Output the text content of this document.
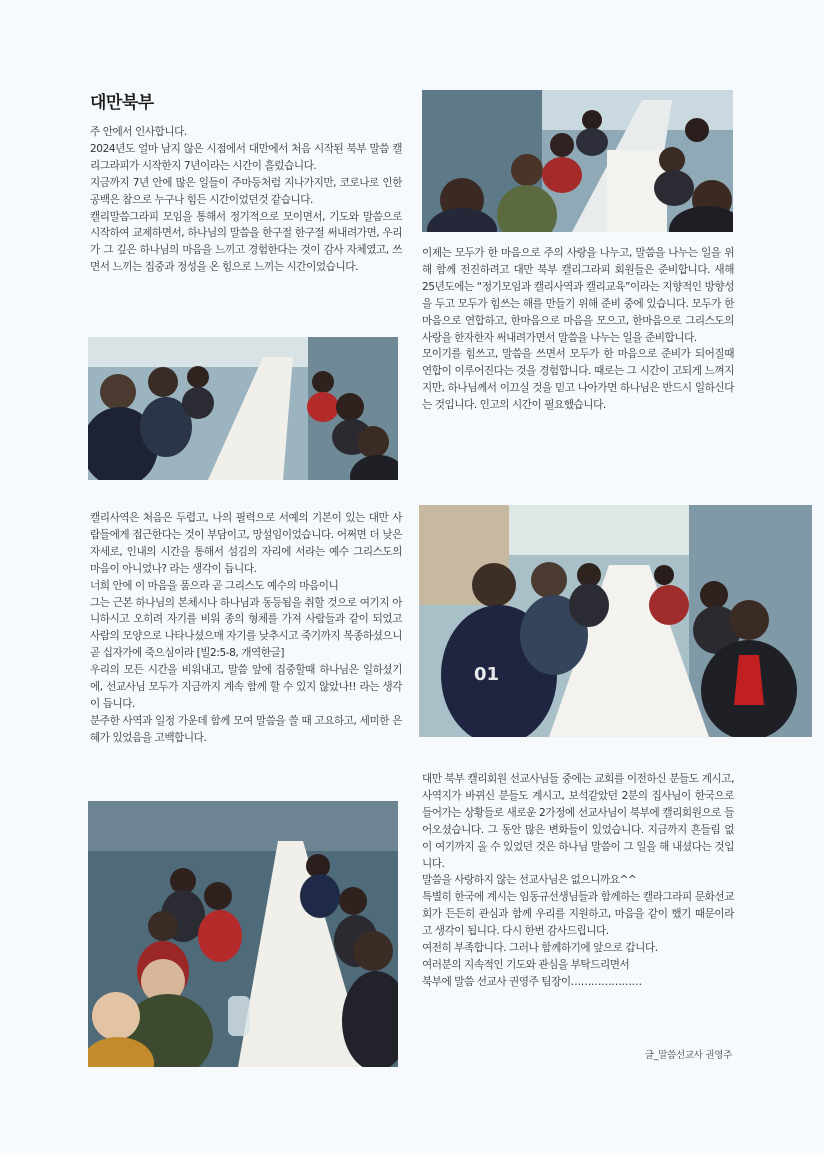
대만북부
주 안에서 인사합니다.
2024년도 얼마 남지 않은 시점에서 대만에서 처음 시작된 북부 말씀 캘리그라피가 시작한지 7년이라는 시간이 흘렀습니다.
지금까지 7년 안에 많은 일들이 주마등처럼 지나가지만, 코로나로 인한 공백은 참으로 누구나 힘든 시간이었던것 같습니다.
캘리말씀그라피 모임을 통해서 정기적으로 모이면서, 기도와 말씀으로 시작하여 교제하면서, 하나님의 말씀을 한구절 한구절 써내려가면, 우리가 그 깊은 하나님의 마음을 느끼고 경험한다는 것이 감사 자체였고, 쓰면서 느끼는 집중과 정성을 온 힘으로 느끼는 시간이었습니다.
이제는 모두가 한 마음으로 주의 사랑을 나누고, 말씀을 나누는 일을 위해 함께 전진하려고 대만 북부 캘리그라피 회원들은 준비합니다. 새해 25년도에는 “정기모임과 캘리사역과 캘리교육”이라는 지향적인 방향성을 두고 모두가 힘쓰는 해를 만들기 위해 준비 중에 있습니다. 모두가 한마음으로 연합하고, 한마음으로 마음을 모으고, 한마음으로 그리스도의 사랑을 한자한자 써내려가면서 말씀을 나누는 일을 준비합니다.
모이기를 힘쓰고, 말씀을 쓰면서 모두가 한 마음으로 준비가 되어질때 연합이 이루어진다는 것을 경험합니다. 때로는 그 시간이 고되게 느껴지지만, 하나님께서 이끄실 것을 믿고 나아가면 하나님은 반드시 일하신다는 것입니다. 인고의 시간이 필요했습니다.
캘리사역은 처음은 두렵고, 나의 필력으로 서예의 기본이 있는 대만 사람들에게 접근한다는 것이 부담이고, 망설임이었습니다. 어쩌면 더 낮은 자세로, 인내의 시간을 통해서 섬김의 자리에 서라는 예수 그리스도의 마음이 아니었나? 라는 생각이 듭니다.
너희 안에 이 마음을 품으라 곧 그리스도 예수의 마음이니
그는 근본 하나님의 본체시나 하나님과 동등됨을 취할 것으로 여기지 아니하시고 오히려 자기를 비워 종의 형체를 가져 사람들과 같이 되었고 사람의 모양으로 나타나셨으매 자기를 낮추시고 죽기까지 복종하셨으니 곧 십자가에 죽으심이라 [빌2:5-8, 개역한글]
우리의 모든 시간을 비워내고, 말씀 앞에 집중할때 하나님은 일하셨기에, 선교사님 모두가 지금까지 계속 함께 할 수 있지 않았나!! 라는 생각이 듭니다.
분주한 사역과 일정 가운데 함께 모여 말씀을 쓸 때 고요하고, 세미한 은혜가 있었음을 고백합니다.
01
대만 북부 캘리회원 선교사님들 중에는 교회를 이전하신 분들도 계시고, 사역지가 바뀌신 분들도 계시고, 보석같았던 2분의 집사님이 한국으로 들어가는 상황들로 새로운 2가정에 선교사님이 북부에 캘리회원으로 들어오셨습니다. 그 동안 많은 변화들이 있었습니다. 지금까지 흔들림 없이 여기까지 올 수 있었던 것은 하나님 말씀이 그 일을 해 내셨다는 것입니다.
말씀을 사랑하지 않는 선교사님은 없으니까요^^
특별히 한국에 계시는 임동규선생님들과 함께하는 캘라그라피 문화선교회가 든든히 관심과 함께 우리를 지원하고, 마음을 같이 했기 때문이라고 생각이 됩니다. 다시 한번 감사드립니다.
여전히 부족합니다. 그러나 함께하기에 앞으로 갑니다.
여러분의 지속적인 기도와 관심을 부탁드리면서
북부에 말씀 선교사 권영주 팀장이…………………
글_말씀선교사 권영주
